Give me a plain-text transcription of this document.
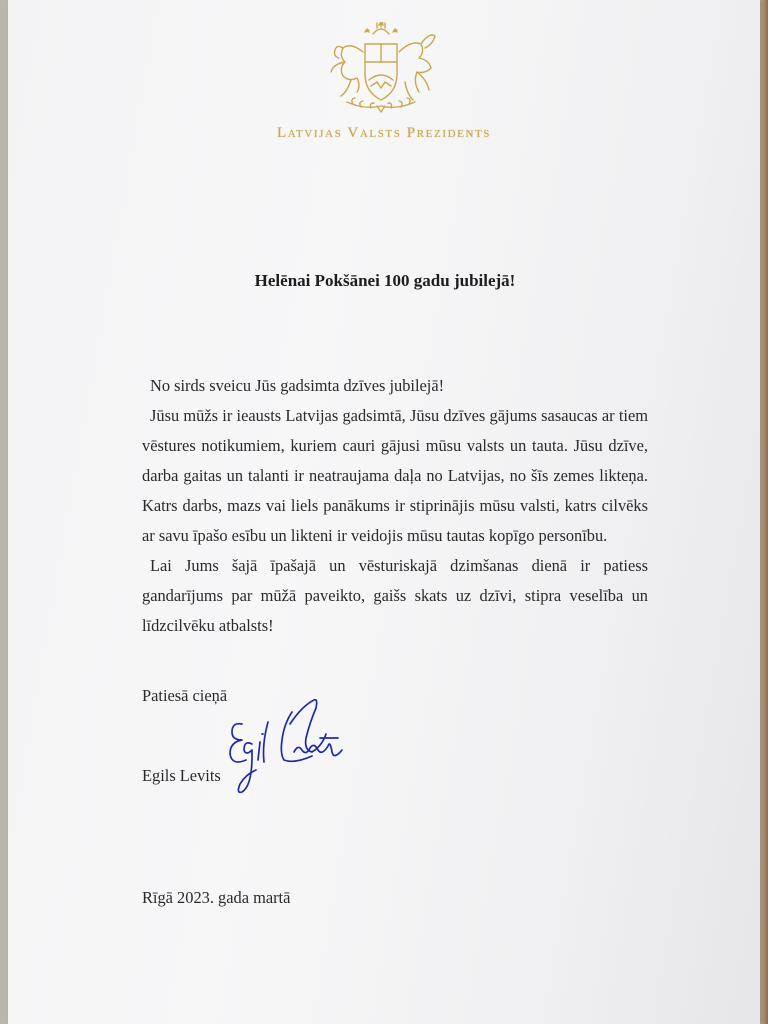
Latvijas Valsts Prezidents
Helēnai Pokšānei 100 gadu jubilejā!

No sirds sveicu Jūs gadsimta dzīves jubilejā!

Jūsu mūžs ir ieausts Latvijas gadsimtā, Jūsu dzīves gājums sasaucas ar tiem vēstures notikumiem, kuriem cauri gājusi mūsu valsts un tauta. Jūsu dzīve, darba gaitas un talanti ir neatraujama daļa no Latvijas, no šīs zemes likteņa. Katrs darbs, mazs vai liels panākums ir stiprinājis mūsu valsti, katrs cilvēks ar savu īpašo esību un likteni ir veidojis mūsu tautas kopīgo personību.

Lai Jums šajā īpašajā un vēsturiskajā dzimšanas dienā ir patiess gandarījums par mūžā paveikto, gaišs skats uz dzīvi, stipra veselība un līdzcilvēku atbalsts!

Patiesā cieņā
Egils Levits
Rīgā 2023. gada martā
